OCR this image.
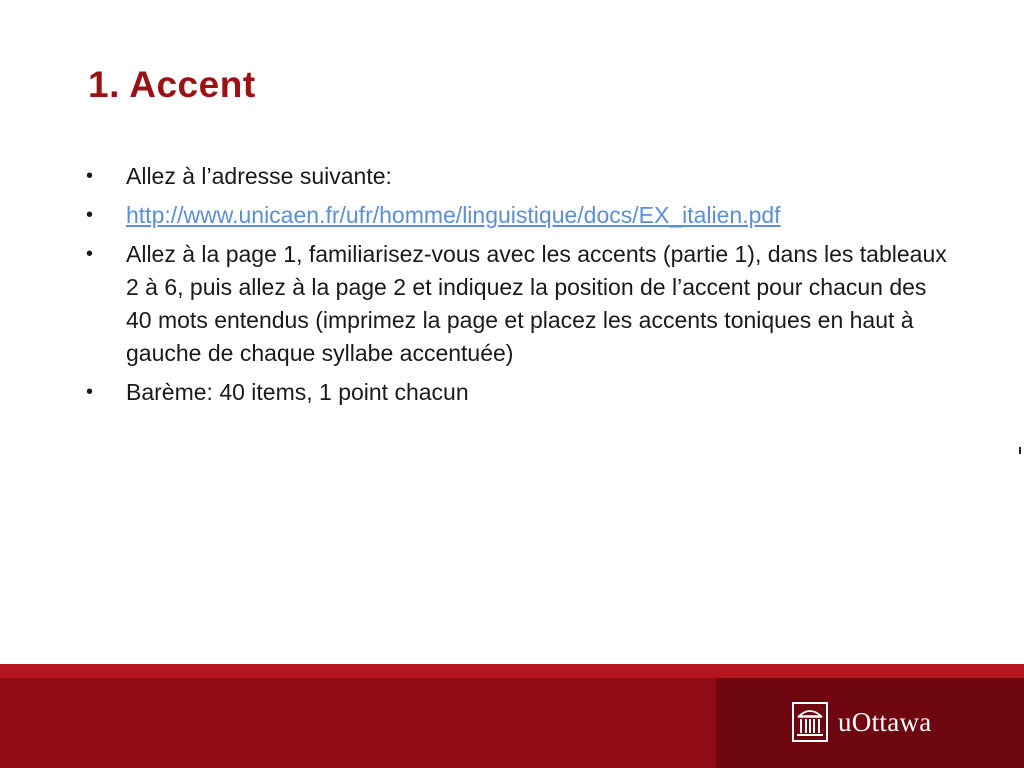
1. Accent
• Allez à l’adresse suivante:
• http://www.unicaen.fr/ufr/homme/linguistique/docs/EX_italien.pdf
• Allez à la page 1, familiarisez-vous avec les accents (partie 1), dans les tableaux 2 à 6, puis allez à la page 2 et indiquez la position de l’accent pour chacun des 40 mots entendus (imprimez la page et placez les accents toniques en haut à gauche de chaque syllabe accentuée)
• Barème: 40 items, 1 point chacun
uOttawa
